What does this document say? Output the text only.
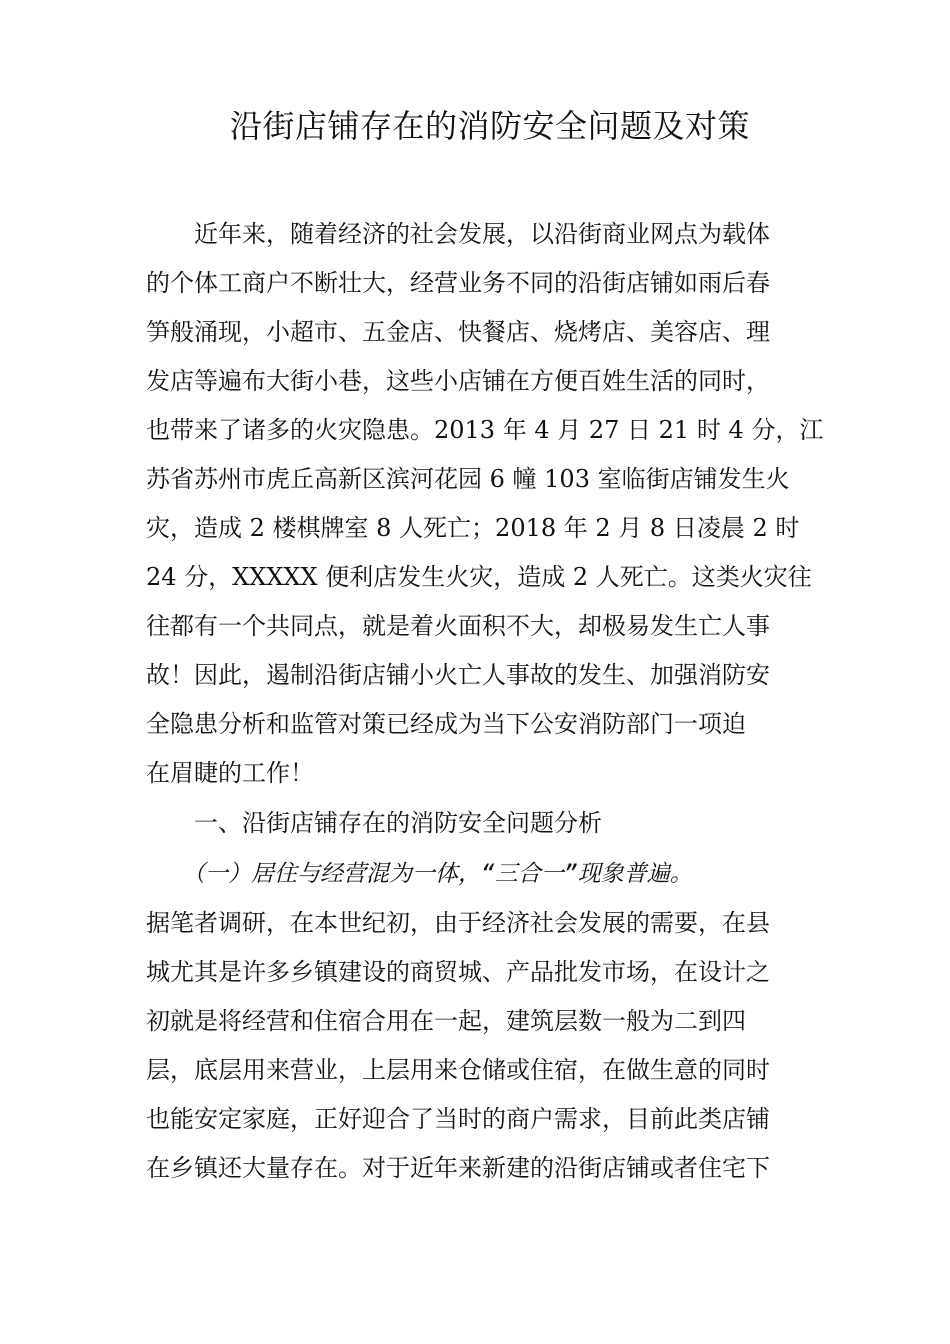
沿街店铺存在的消防安全问题及对策
近年来，随着经济的社会发展，以沿街商业网点为载体
的个体工商户不断壮大，经营业务不同的沿街店铺如雨后春
笋般涌现，小超市、五金店、快餐店、烧烤店、美容店、理
发店等遍布大街小巷，这些小店铺在方便百姓生活的同时，
也带来了诸多的火灾隐患。2013 年 4 月 27 日 21 时 4 分，江
苏省苏州市虎丘高新区滨河花园 6 幢 103 室临街店铺发生火
灾，造成 2 楼棋牌室 8 人死亡；2018 年 2 月 8 日凌晨 2 时
24 分，XXXXX 便利店发生火灾，造成 2 人死亡。这类火灾往
往都有一个共同点，就是着火面积不大，却极易发生亡人事
故！因此，遏制沿街店铺小火亡人事故的发生、加强消防安
全隐患分析和监管对策已经成为当下公安消防部门一项迫
在眉睫的工作！
一、沿街店铺存在的消防安全问题分析
（一）居住与经营混为一体，“三合一”现象普遍。
据笔者调研，在本世纪初，由于经济社会发展的需要，在县
城尤其是许多乡镇建设的商贸城、产品批发市场，在设计之
初就是将经营和住宿合用在一起，建筑层数一般为二到四
层，底层用来营业，上层用来仓储或住宿，在做生意的同时
也能安定家庭，正好迎合了当时的商户需求，目前此类店铺
在乡镇还大量存在。对于近年来新建的沿街店铺或者住宅下
